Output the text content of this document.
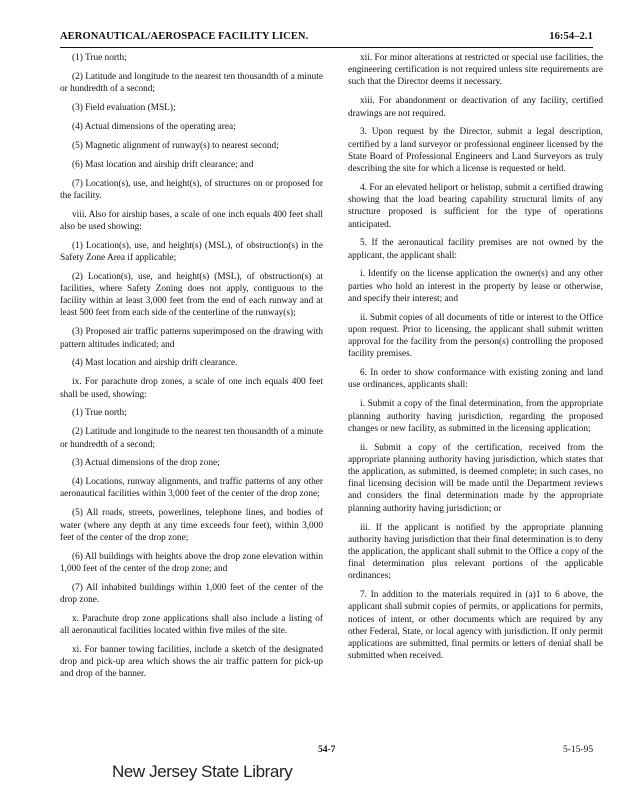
AERONAUTICAL/AEROSPACE FACILITY LICEN.	16:54–2.1

(1) True north;

(2) Latitude and longitude to the nearest ten thousandth of a minute or hundredth of a second;

(3) Field evaluation (MSL);

(4) Actual dimensions of the operating area;

(5) Magnetic alignment of runway(s) to nearest second;

(6) Mast location and airship drift clearance; and

(7) Location(s), use, and height(s), of structures on or proposed for the facility.

viii. Also for airship bases, a scale of one inch equals 400 feet shall also be used showing:

(1) Location(s), use, and height(s) (MSL), of obstruction(s) in the Safety Zone Area if applicable;

(2) Location(s), use, and height(s) (MSL), of obstruction(s) at facilities, where Safety Zoning does not apply, contiguous to the facility within at least 3,000 feet from the end of each runway and at least 500 feet from each side of the centerline of the runway(s);

(3) Proposed air traffic patterns superimposed on the drawing with pattern altitudes indicated; and

(4) Mast location and airship drift clearance.

ix. For parachute drop zones, a scale of one inch equals 400 feet shall be used, showing:

(1) True north;

(2) Latitude and longitude to the nearest ten thousandth of a minute or hundredth of a second;

(3) Actual dimensions of the drop zone;

(4) Locations, runway alignments, and traffic patterns of any other aeronautical facilities within 3,000 feet of the center of the drop zone;

(5) All roads, streets, powerlines, telephone lines, and bodies of water (where any depth at any time exceeds four feet), within 3,000 feet of the center of the drop zone;

(6) All buildings with heights above the drop zone elevation within 1,000 feet of the center of the drop zone; and

(7) All inhabited buildings within 1,000 feet of the center of the drop zone.

x. Parachute drop zone applications shall also include a listing of all aeronautical facilities located within five miles of the site.

xi. For banner towing facilities, include a sketch of the designated drop and pick-up area which shows the air traffic pattern for pick-up and drop of the banner.

xii. For minor alterations at restricted or special use facilities, the engineering certification is not required unless site requirements are such that the Director deems it necessary.

xiii. For abandonment or deactivation of any facility, certified drawings are not required.

3. Upon request by the Director, submit a legal description, certified by a land surveyor or professional engineer licensed by the State Board of Professional Engineers and Land Surveyors as truly describing the site for which a license is requested or held.

4. For an elevated heliport or helistop, submit a certified drawing showing that the load bearing capability structural limits of any structure proposed is sufficient for the type of operations anticipated.

5. If the aeronautical facility premises are not owned by the applicant, the applicant shall:

i. Identify on the license application the owner(s) and any other parties who hold an interest in the property by lease or otherwise, and specify their interest; and

ii. Submit copies of all documents of title or interest to the Office upon request. Prior to licensing, the applicant shall submit written approval for the facility from the person(s) controlling the proposed facility premises.

6. In order to show conformance with existing zoning and land use ordinances, applicants shall:

i. Submit a copy of the final determination, from the appropriate planning authority having jurisdiction, regarding the proposed changes or new facility, as submitted in the licensing application;

ii. Submit a copy of the certification, received from the appropriate planning authority having jurisdiction, which states that the application, as submitted, is deemed complete; in such cases, no final licensing decision will be made until the Department reviews and considers the final determination made by the appropriate planning authority having jurisdiction; or

iii. If the applicant is notified by the appropriate planning authority having jurisdiction that their final determination is to deny the application, the applicant shall submit to the Office a copy of the final determination plus relevant portions of the applicable ordinances;

7. In addition to the materials required in (a)1 to 6 above, the applicant shall submit copies of permits, or applications for permits, notices of intent, or other documents which are required by any other Federal, State, or local agency with jurisdiction. If only permit applications are submitted, final permits or letters of denial shall be submitted when received.

54-7	5-15-95
New Jersey State Library
